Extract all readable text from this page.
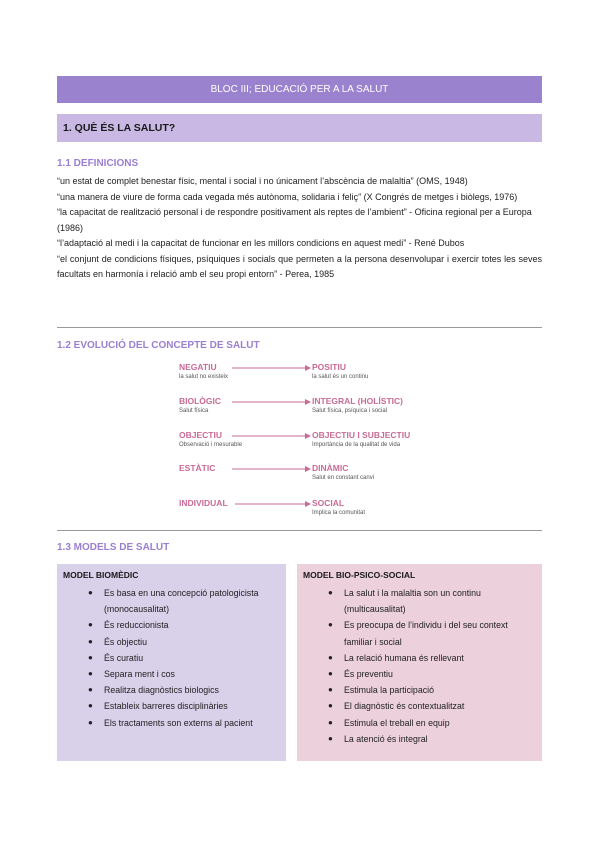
BLOC III; EDUCACIÓ PER A LA SALUT
1. QUÈ ÉS LA SALUT?
1.1 DEFINICIONS

“un estat de complet benestar físic, mental i social i no únicament l’abscència de malaltia” (OMS, 1948)

“una manera de viure de forma cada vegada més autònoma, solidaria i feliç” (X Congrés de metges i biòlegs, 1976)

“la capacitat de realització personal i de respondre positivament als reptes de l’ambient” - Oficina regional per a Europa (1986)

“l’adaptació al medi i la capacitat de funcionar en les millors condicions en aquest medi” - René Dubos

“el conjunt de condicions físiques, psíquiques i socials que permeten a la persona desenvolupar i exercir totes les seves facultats en harmonía i relació amb el seu propi entorn” - Perea, 1985

1.2 EVOLUCIÓ DEL CONCEPTE DE SALUT
NEGATIU
la salut no existeix
POSITIU
la salut és un continu
BIOLÒGIC
Salut física
INTEGRAL (HOLÍSTIC)
Salut física, psíquica i social
OBJECTIU
Observació i mesurable
OBJECTIU I SUBJECTIU
Importància de la qualitat de vida
ESTÀTIC	DINÀMIC
Salut en constant canvi
INDIVIDUAL	SOCIAL
Implica la comunitat
1.3 MODELS DE SALUT
MODEL BIOMÈDIC
● Es basa en una concepció patologicista (monocausalitat)
● És reduccionista
● És objectiu
● És curatiu
● Separa ment i cos
● Realitza diagnòstics biologics
● Estableix barreres disciplinàries
● Els tractaments son externs al pacient
MODEL BIO-PSICO-SOCIAL
● La salut i la malaltia son un continu (multicausalitat)
● Es preocupa de l’individu i del seu context familiar i social
● La relació humana és rellevant
● És preventiu
● Estimula la participació
● El diagnòstic és contextualitzat
● Estimula el treball en equip
● La atenció és integral
